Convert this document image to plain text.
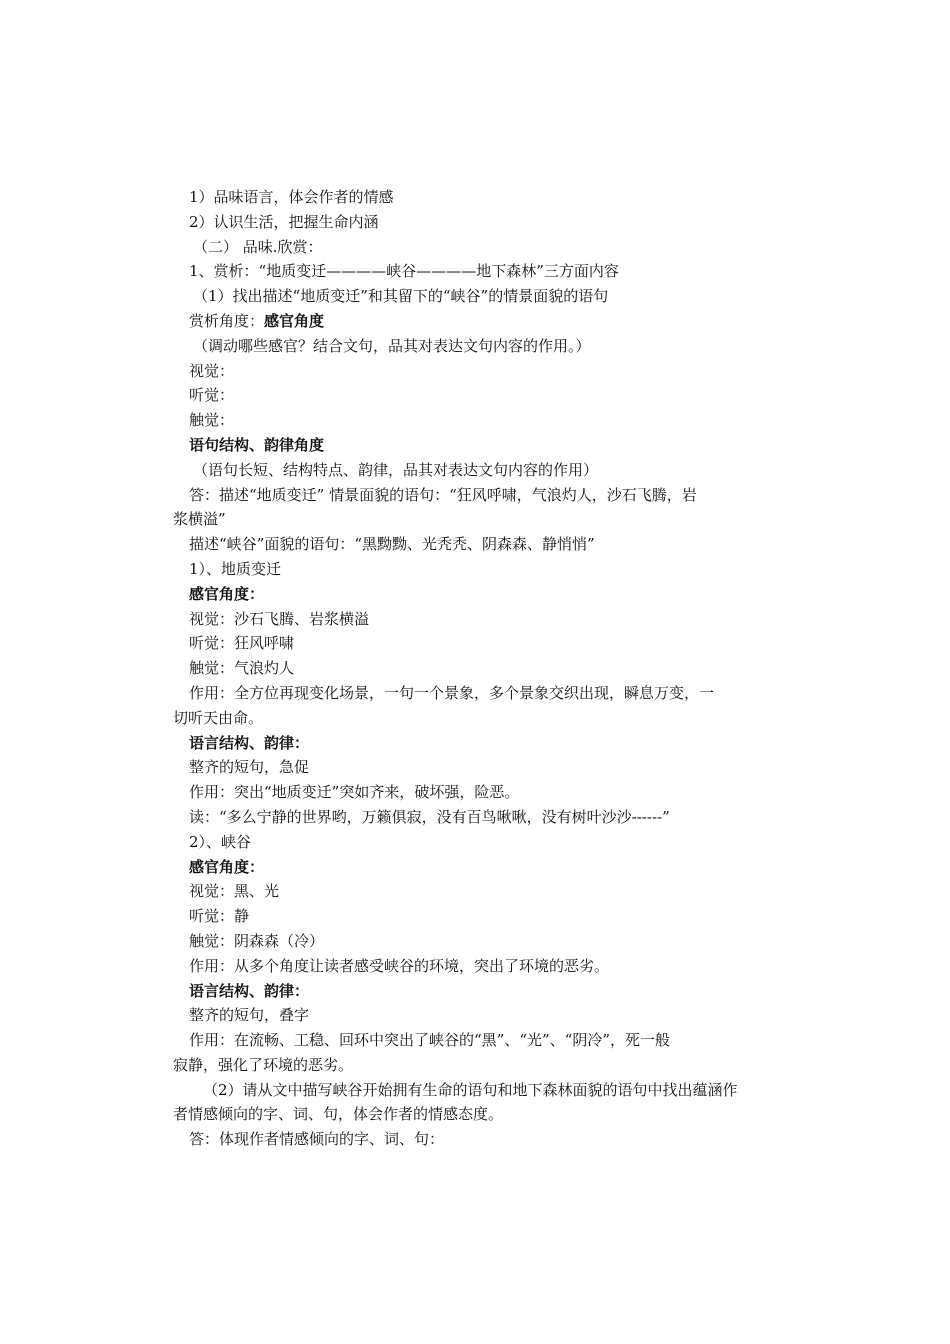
1）品味语言，体会作者的情感
2）认识生活，把握生命内涵
（二） 品味.欣赏：
1、赏析：“地质变迁————峡谷————地下森林”三方面内容
（1）找出描述“地质变迁”和其留下的“峡谷”的情景面貌的语句
赏析角度：感官角度
（调动哪些感官？结合文句，品其对表达文句内容的作用。）
视觉：
听觉：
触觉：
语句结构、韵律角度
（语句长短、结构特点、韵律，品其对表达文句内容的作用）
答：描述“地质变迁” 情景面貌的语句：“狂风呼啸，气浪灼人，沙石飞腾，岩
浆横溢”
描述“峡谷”面貌的语句：“黑黝黝、光秃秃、阴森森、静悄悄”
1）、地质变迁
感官角度：
视觉：沙石飞腾、岩浆横溢
听觉：狂风呼啸
触觉：气浪灼人
作用：全方位再现变化场景，一句一个景象，多个景象交织出现，瞬息万变，一
切听天由命。
语言结构、韵律：
整齐的短句，急促
作用：突出“地质变迁”突如齐来，破坏强，险恶。
读：“多么宁静的世界哟，万籁俱寂，没有百鸟啾啾，没有树叶沙沙------”
2）、峡谷
感官角度：
视觉：黑、光
听觉：静
触觉：阴森森（冷）
作用：从多个角度让读者感受峡谷的环境，突出了环境的恶劣。
语言结构、韵律：
整齐的短句，叠字
作用：在流畅、工稳、回环中突出了峡谷的“黑”、“光”、“阴冷”，死一般
寂静，强化了环境的恶劣。
（2）请从文中描写峡谷开始拥有生命的语句和地下森林面貌的语句中找出蕴涵作
者情感倾向的字、词、句，体会作者的情感态度。
答：体现作者情感倾向的字、词、句：
